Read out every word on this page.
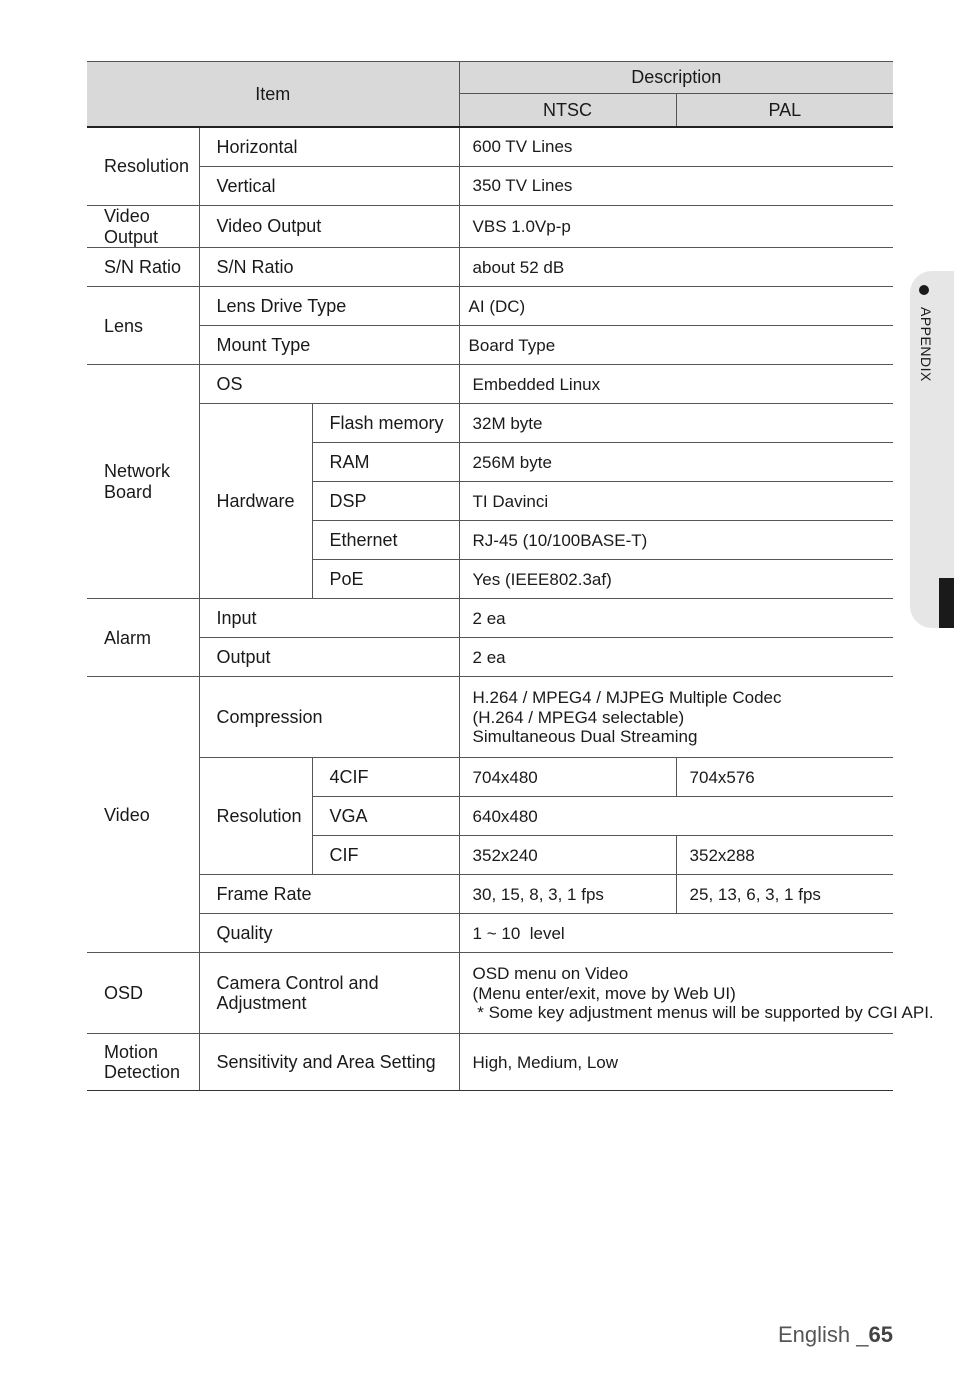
Item			Description	
			NTSC	PAL
Resolution	Horizontal		600 TV Lines	
	Vertical		350 TV Lines	
Video Output	Video Output		VBS 1.0Vp-p	
S/N Ratio	S/N Ratio		about 52 dB	
Lens	Lens Drive Type		AI (DC)	
	Mount Type		Board Type	

Network
Board	OS		Embedded Linux	
	Hardware	Flash memory	32M byte	
		RAM	256M byte	
		DSP	TI Davinci	
		Ethernet	RJ-45 (10/100BASE-T)	
		PoE	Yes (IEEE802.3af)	
Alarm	Input		2 ea	
	Output		2 ea	
Video	Compression		H.264 / MPEG4 / MJPEG Multiple Codec
(H.264 / MPEG4 selectable)
Simultaneous Dual Streaming	

	Resolution	4CIF	704x480	704x576
		VGA	640x480	
		CIF	352x240	352x288
	Frame Rate		30, 15, 8, 3, 1 fps	25, 13, 6, 3, 1 fps
	Quality		1 ~ 10  level	
OSD	Camera Control and Adjustment		OSD menu on Video
(Menu enter/exit, move by Web UI)
* Some key adjustment menus will be supported by CGI API.	

Motion
Detection	Sensitivity and Area Setting		High, Medium, Low	
APPENDIX
English _65
